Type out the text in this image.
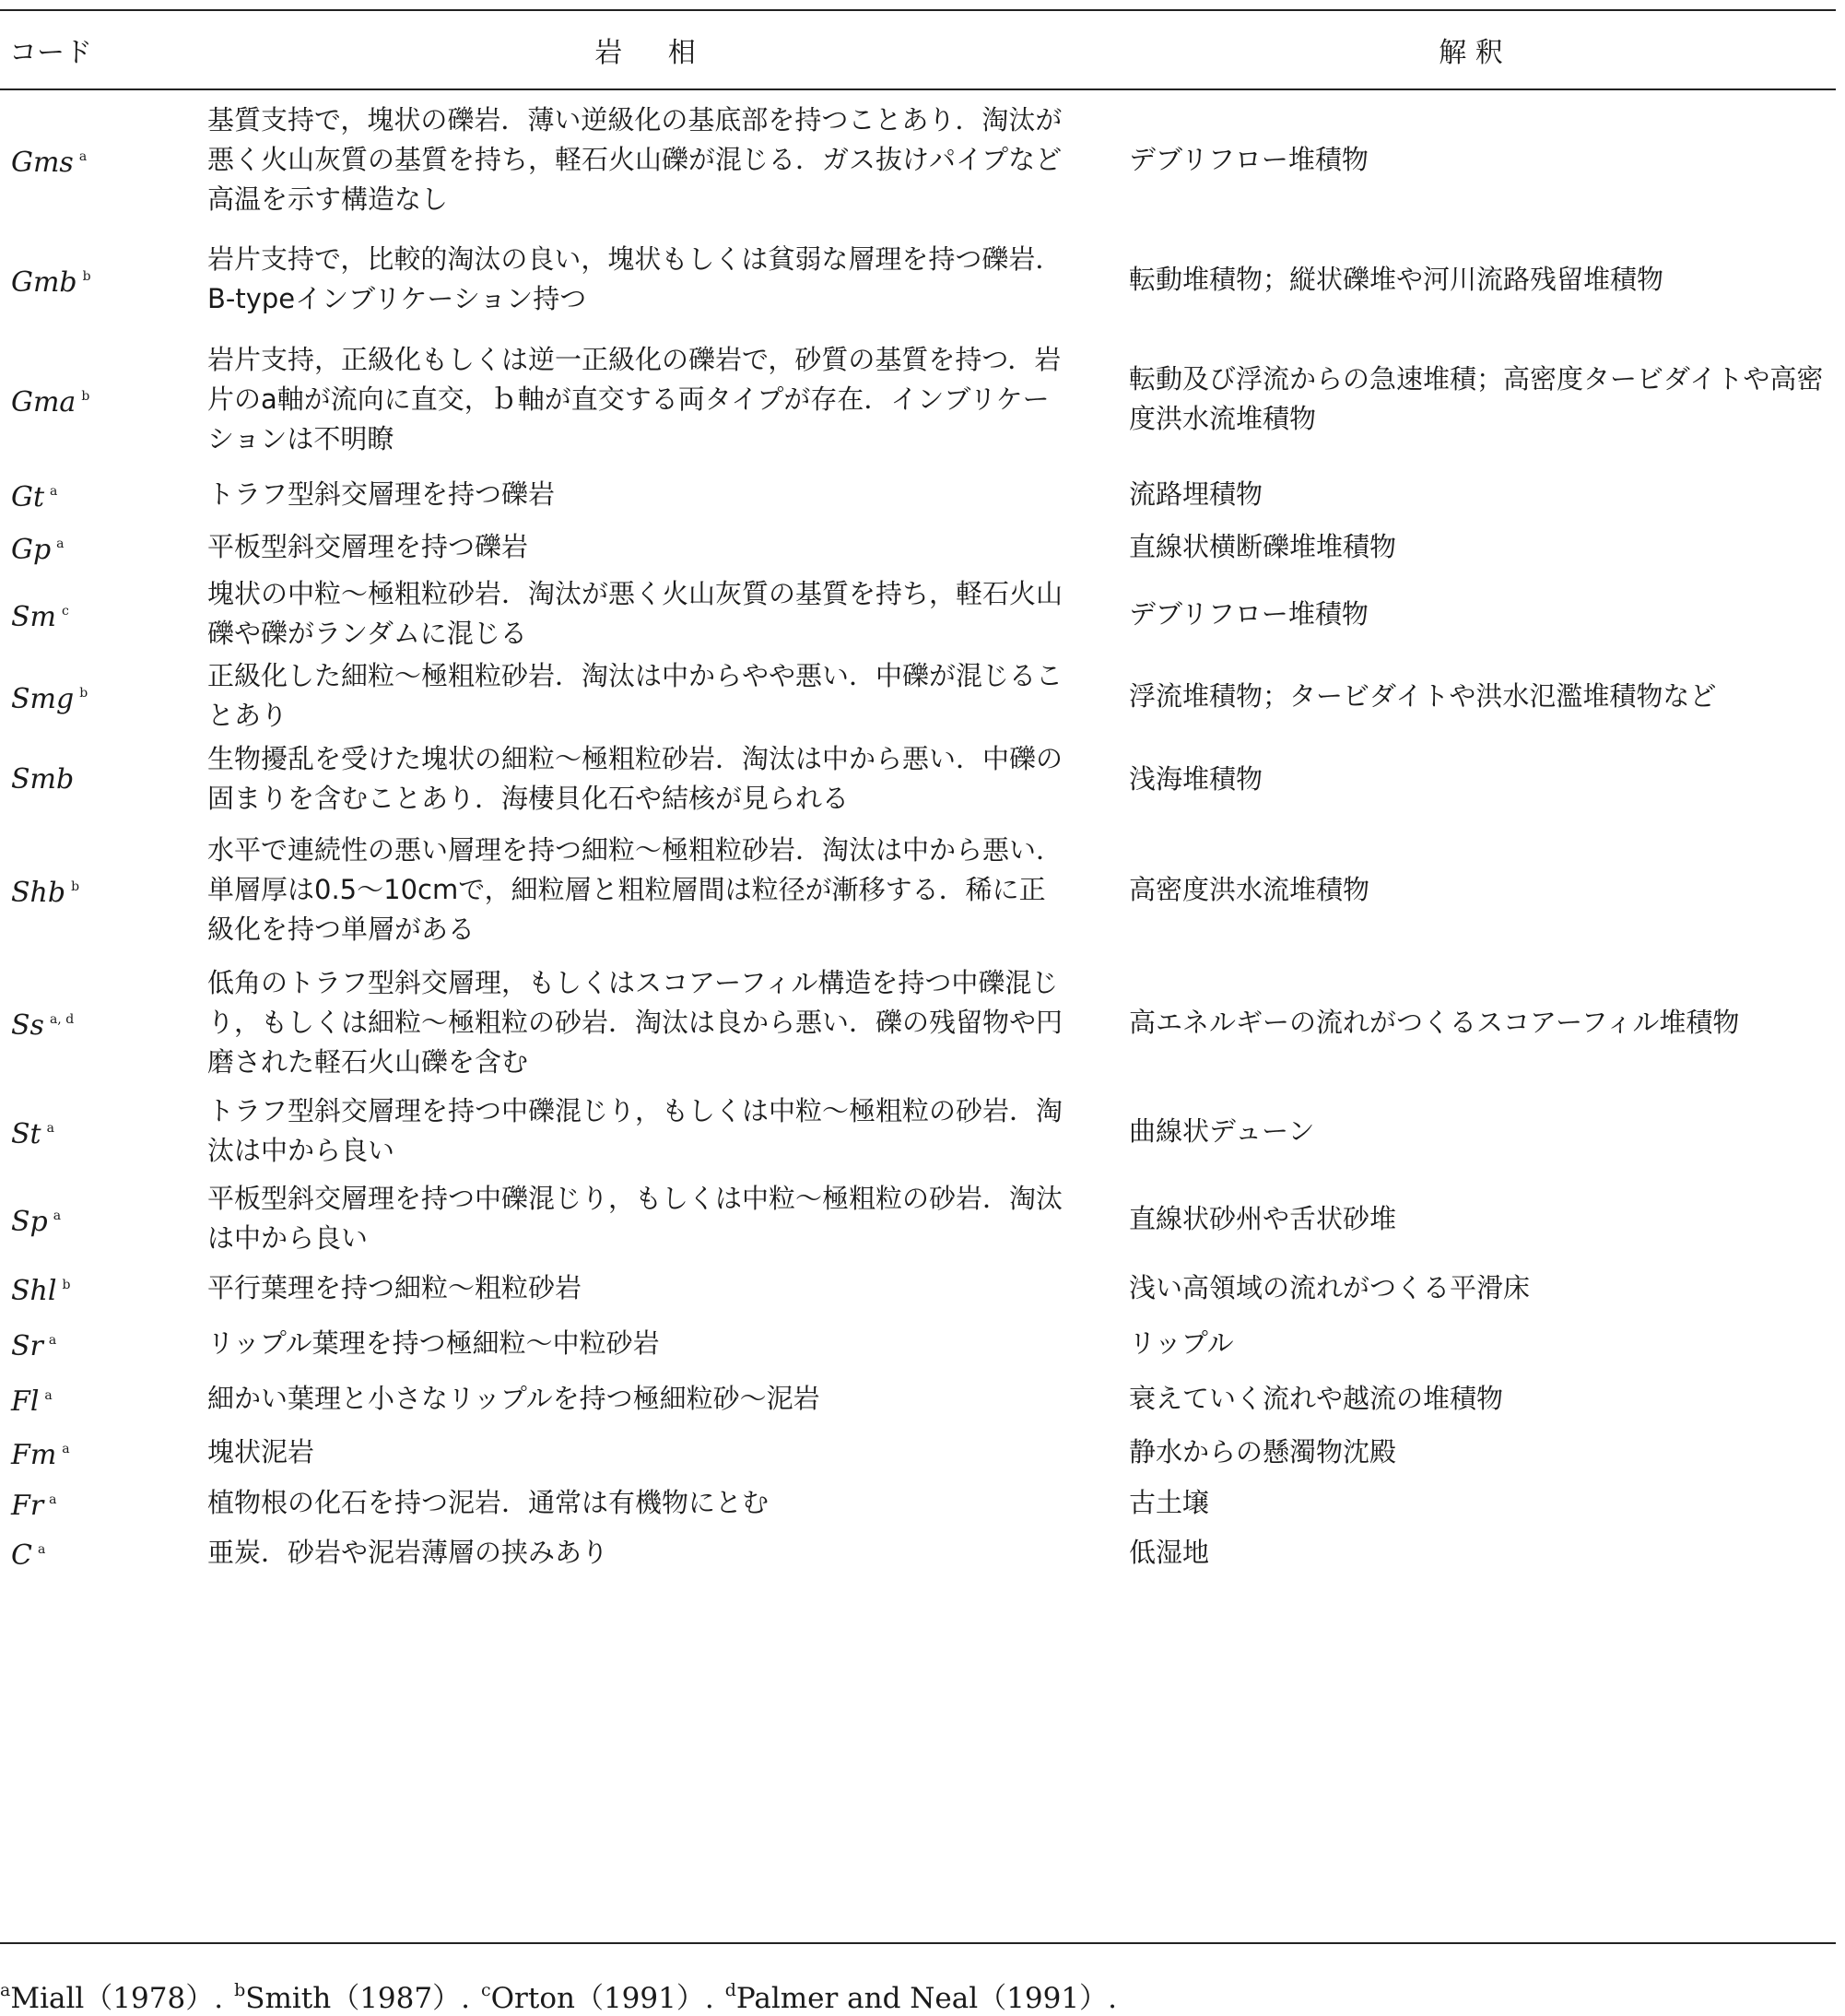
コード	岩 相	解 釈
Gms $^a$	基質支持で，塊状の礫岩．薄い逆級化の基底部を持つことあり．淘汰が悪く火山灰質の基質を持ち，軽石火山礫が混じる．ガス抜けパイプなど高温を示す構造なし	デブリフロー堆積物
Gmb $^b$	岩片支持で，比較的淘汰の良い，塊状もしくは貧弱な層理を持つ礫岩．B-typeインブリケーション持つ	転動堆積物；縦状礫堆や河川流路残留堆積物
Gma $^b$	岩片支持，正級化もしくは逆一正級化の礫岩で，砂質の基質を持つ．岩片のa軸が流向に直交，ｂ軸が直交する両タイプが存在．インブリケーションは不明瞭	転動及び浮流からの急速堆積；高密度タービダイトや高密度洪水流堆積物
Gt $^a$	トラフ型斜交層理を持つ礫岩	流路埋積物
Gp $^a$	平板型斜交層理を持つ礫岩	直線状横断礫堆堆積物
Sm $^c$	塊状の中粒～極粗粒砂岩．淘汰が悪く火山灰質の基質を持ち，軽石火山礫や礫がランダムに混じる	デブリフロー堆積物
Smg $^b$	正級化した細粒～極粗粒砂岩．淘汰は中からやや悪い．中礫が混じることあり	浮流堆積物；タービダイトや洪水氾濫堆積物など
Smb	生物擾乱を受けた塊状の細粒～極粗粒砂岩．淘汰は中から悪い．中礫の固まりを含むことあり．海棲貝化石や結核が見られる	浅海堆積物
Shb $^b$	水平で連続性の悪い層理を持つ細粒～極粗粒砂岩．淘汰は中から悪い．単層厚は0.5～10cmで，細粒層と粗粒層間は粒径が漸移する．稀に正級化を持つ単層がある	高密度洪水流堆積物
Ss $^{a, d}$	低角のトラフ型斜交層理，もしくはスコアーフィル構造を持つ中礫混じり，もしくは細粒～極粗粒の砂岩．淘汰は良から悪い．礫の残留物や円磨された軽石火山礫を含む	高エネルギーの流れがつくるスコアーフィル堆積物
St $^a$	トラフ型斜交層理を持つ中礫混じり，もしくは中粒～極粗粒の砂岩．淘汰は中から良い	曲線状デューン
Sp $^a$	平板型斜交層理を持つ中礫混じり，もしくは中粒～極粗粒の砂岩．淘汰は中から良い	直線状砂州や舌状砂堆
Shl $^b$	平行葉理を持つ細粒～粗粒砂岩	浅い高領域の流れがつくる平滑床
Sr $^a$	リップル葉理を持つ極細粒～中粒砂岩	リップル
Fl $^a$	細かい葉理と小さなリップルを持つ極細粒砂～泥岩	衰えていく流れや越流の堆積物
Fm $^a$	塊状泥岩	静水からの懸濁物沈殿
Fr $^a$	植物根の化石を持つ泥岩．通常は有機物にとむ	古土壌
C $^a$	亜炭．砂岩や泥岩薄層の挟みあり	低湿地
$^a$Miall（1978）. $^b$Smith（1987）. $^c$Orton（1991）. $^d$Palmer and Neal（1991）.
